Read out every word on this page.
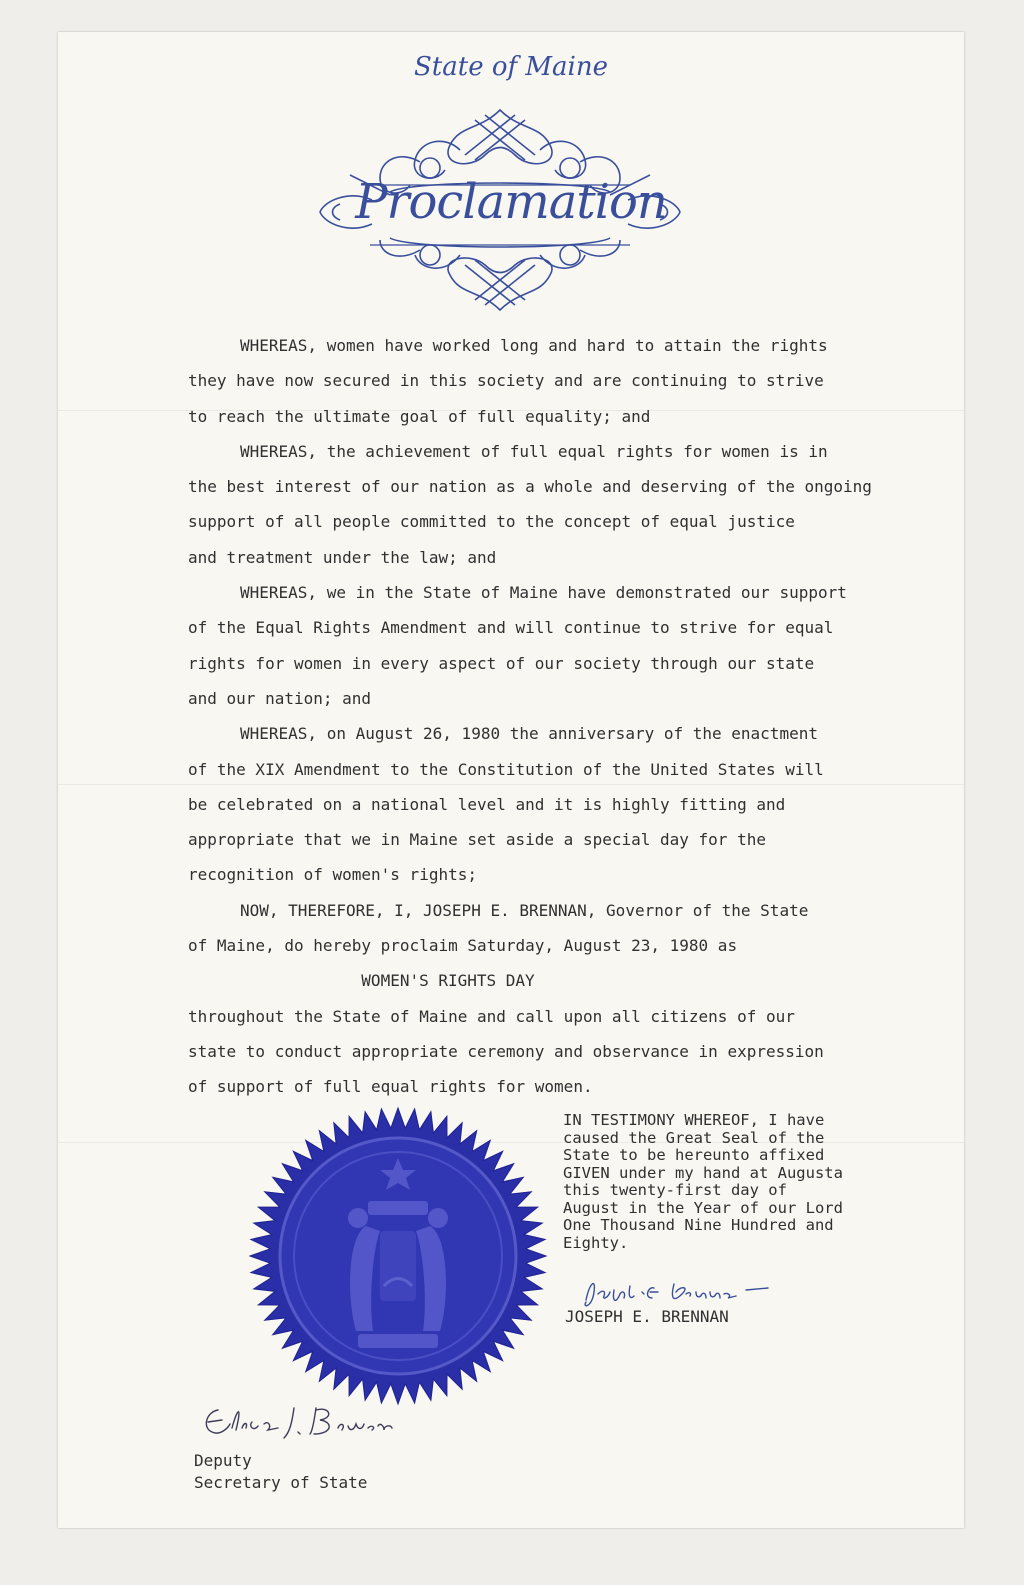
State of Maine
Proclamation

WHEREAS, women have worked long and hard to attain the rights
they have now secured in this society and are continuing to strive
to reach the ultimate goal of full equality; and

WHEREAS, the achievement of full equal rights for women is in
the best interest of our nation as a whole and deserving of the ongoing
support of all people committed to the concept of equal justice
and treatment under the law; and

WHEREAS, we in the State of Maine have demonstrated our support
of the Equal Rights Amendment and will continue to strive for equal
rights for women in every aspect of our society through our state
and our nation; and

WHEREAS, on August 26, 1980 the anniversary of the enactment
of the XIX Amendment to the Constitution of the United States will
be celebrated on a national level and it is highly fitting and
appropriate that we in Maine set aside a special day for the
recognition of women's rights;

NOW, THEREFORE, I, JOSEPH E. BRENNAN, Governor of the State
of Maine, do hereby proclaim Saturday, August 23, 1980 as

WOMEN'S RIGHTS DAY

throughout the State of Maine and call upon all citizens of our
state to conduct appropriate ceremony and observance in expression
of support of full equal rights for women.

IN TESTIMONY WHEREOF, I have
caused the Great Seal of the
State to be hereunto affixed
GIVEN under my hand at Augusta
this twenty-first day of
August in the Year of our Lord
One Thousand Nine Hundred and
Eighty.

JOSEPH E. BRENNAN
Deputy
Secretary of State
